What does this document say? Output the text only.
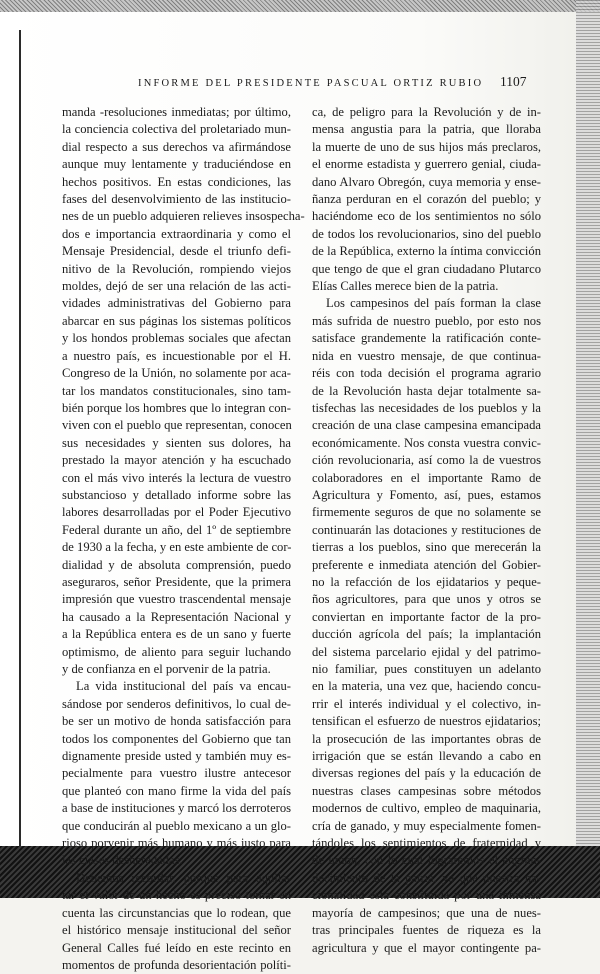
INFORME DEL PRESIDENTE PASCUAL ORTIZ RUBIO 1107
manda -resoluciones inmediatas; por último,
la conciencia colectiva del proletariado mun-
dial respecto a sus derechos va afirmándose
aunque muy lentamente y traduciéndose en
hechos positivos. En estas condiciones, las
fases del desenvolvimiento de las institucio-
nes de un pueblo adquieren relieves insospecha-
dos e importancia extraordinaria y como el
Mensaje Presidencial, desde el triunfo defi-
nitivo de la Revolución, rompiendo viejos
moldes, dejó de ser una relación de las acti-
vidades administrativas del Gobierno para
abarcar en sus páginas los sistemas políticos
y los hondos problemas sociales que afectan
a nuestro país, es incuestionable por el H.
Congreso de la Unión, no solamente por aca-
tar los mandatos constitucionales, sino tam-
bién porque los hombres que lo integran con-
viven con el pueblo que representan, conocen
sus necesidades y sienten sus dolores, ha
prestado la mayor atención y ha escuchado
con el más vivo interés la lectura de vuestro
substancioso y detallado informe sobre las
labores desarrolladas por el Poder Ejecutivo
Federal durante un año, del 1º de septiembre
de 1930 a la fecha, y en este ambiente de cor-
dialidad y de absoluta comprensión, puedo
aseguraros, señor Presidente, que la primera
impresión que vuestro trascendental mensaje
ha causado a la Representación Nacional y
a la República entera es de un sano y fuerte
optimismo, de aliento para seguir luchando
y de confianza en el porvenir de la patria.
La vida institucional del país va encau-
sándose por senderos definitivos, lo cual de-
be ser un motivo de honda satisfacción para
todos los componentes del Gobierno que tan
dignamente preside usted y también muy es-
pecialmente para vuestro ilustre antecesor
que planteó con mano firme la vida del país
a base de instituciones y marcó los derroteros
que conducirán al pueblo mexicano a un glo-
rioso porvenir más humano y más justo para
las clases desheredadas.
Debemos recordar, porque para aquila-
tar el valor de un hecho es preciso tomar en
cuenta las circunstancias que lo rodean, que
el histórico mensaje institucional del señor
General Calles fué leído en este recinto en
momentos de profunda desorientación políti-
ca, de peligro para la Revolución y de in-
mensa angustia para la patria, que lloraba
la muerte de uno de sus hijos más preclaros,
el enorme estadista y guerrero genial, ciuda-
dano Alvaro Obregón, cuya memoria y ense-
ñanza perduran en el corazón del pueblo; y
haciéndome eco de los sentimientos no sólo
de todos los revolucionarios, sino del pueblo
de la República, externo la íntima convicción
que tengo de que el gran ciudadano Plutarco
Elías Calles merece bien de la patria.
Los campesinos del país forman la clase
más sufrida de nuestro pueblo, por esto nos
satisface grandemente la ratificación conte-
nida en vuestro mensaje, de que continua-
réis con toda decisión el programa agrario
de la Revolución hasta dejar totalmente sa-
tisfechas las necesidades de los pueblos y la
creación de una clase campesina emancipada
económicamente. Nos consta vuestra convic-
ción revolucionaria, así como la de vuestros
colaboradores en el importante Ramo de
Agricultura y Fomento, así, pues, estamos
firmemente seguros de que no solamente se
continuarán las dotaciones y restituciones de
tierras a los pueblos, sino que merecerán la
preferente e inmediata atención del Gobier-
no la refacción de los ejidatarios y peque-
ños agricultores, para que unos y otros se
conviertan en importante factor de la pro-
ducción agrícola del país; la implantación
del sistema parcelario ejidal y del patrimo-
nio familiar, pues constituyen un adelanto
en la materia, una vez que, haciendo concu-
rrir el interés individual y el colectivo, in-
tensifican el esfuerzo de nuestros ejidatarios;
la prosecución de las importantes obras de
irrigación que se están llevando a cabo en
diversas regiones del país y la educación de
nuestras clases campesinas sobre métodos
modernos de cultivo, empleo de maquinaria,
cría de ganado, y muy especialmente fomen-
tándoles los sentimientos de fraternidad y
de unión, con lo cual lograremos el engran-
decimiento de la patria, ya que nuestra na-
cionalidad está constituída por una inmensa
mayoría de campesinos; que una de nues-
tras principales fuentes de riqueza es la
agricultura y que el mayor contingente pa-
